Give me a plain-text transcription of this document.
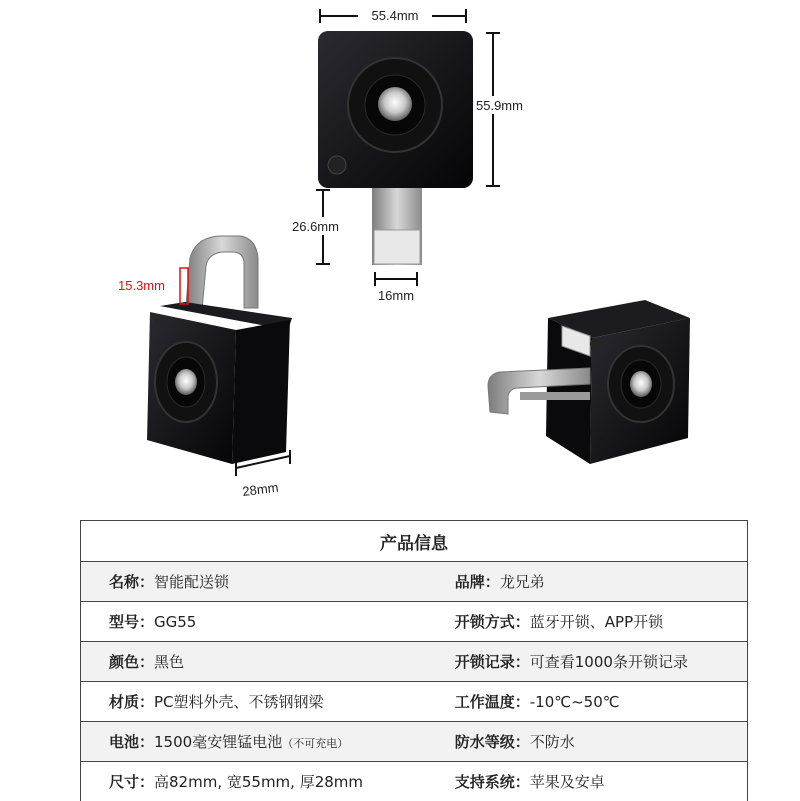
55.4mm
55.9mm
26.6mm
16mm
15.3mm
28mm
产品信息	
名称：智能配送锁	品牌：龙兄弟
型号：GG55	开锁方式：蓝牙开锁、APP开锁
颜色：黑色	开锁记录：可查看1000条开锁记录
材质：PC塑料外壳、不锈钢钢梁	工作温度：-10℃~50℃
电池：1500毫安锂锰电池（不可充电）	防水等级：不防水
尺寸：高82mm, 宽55mm, 厚28mm	支持系统：苹果及安卓
